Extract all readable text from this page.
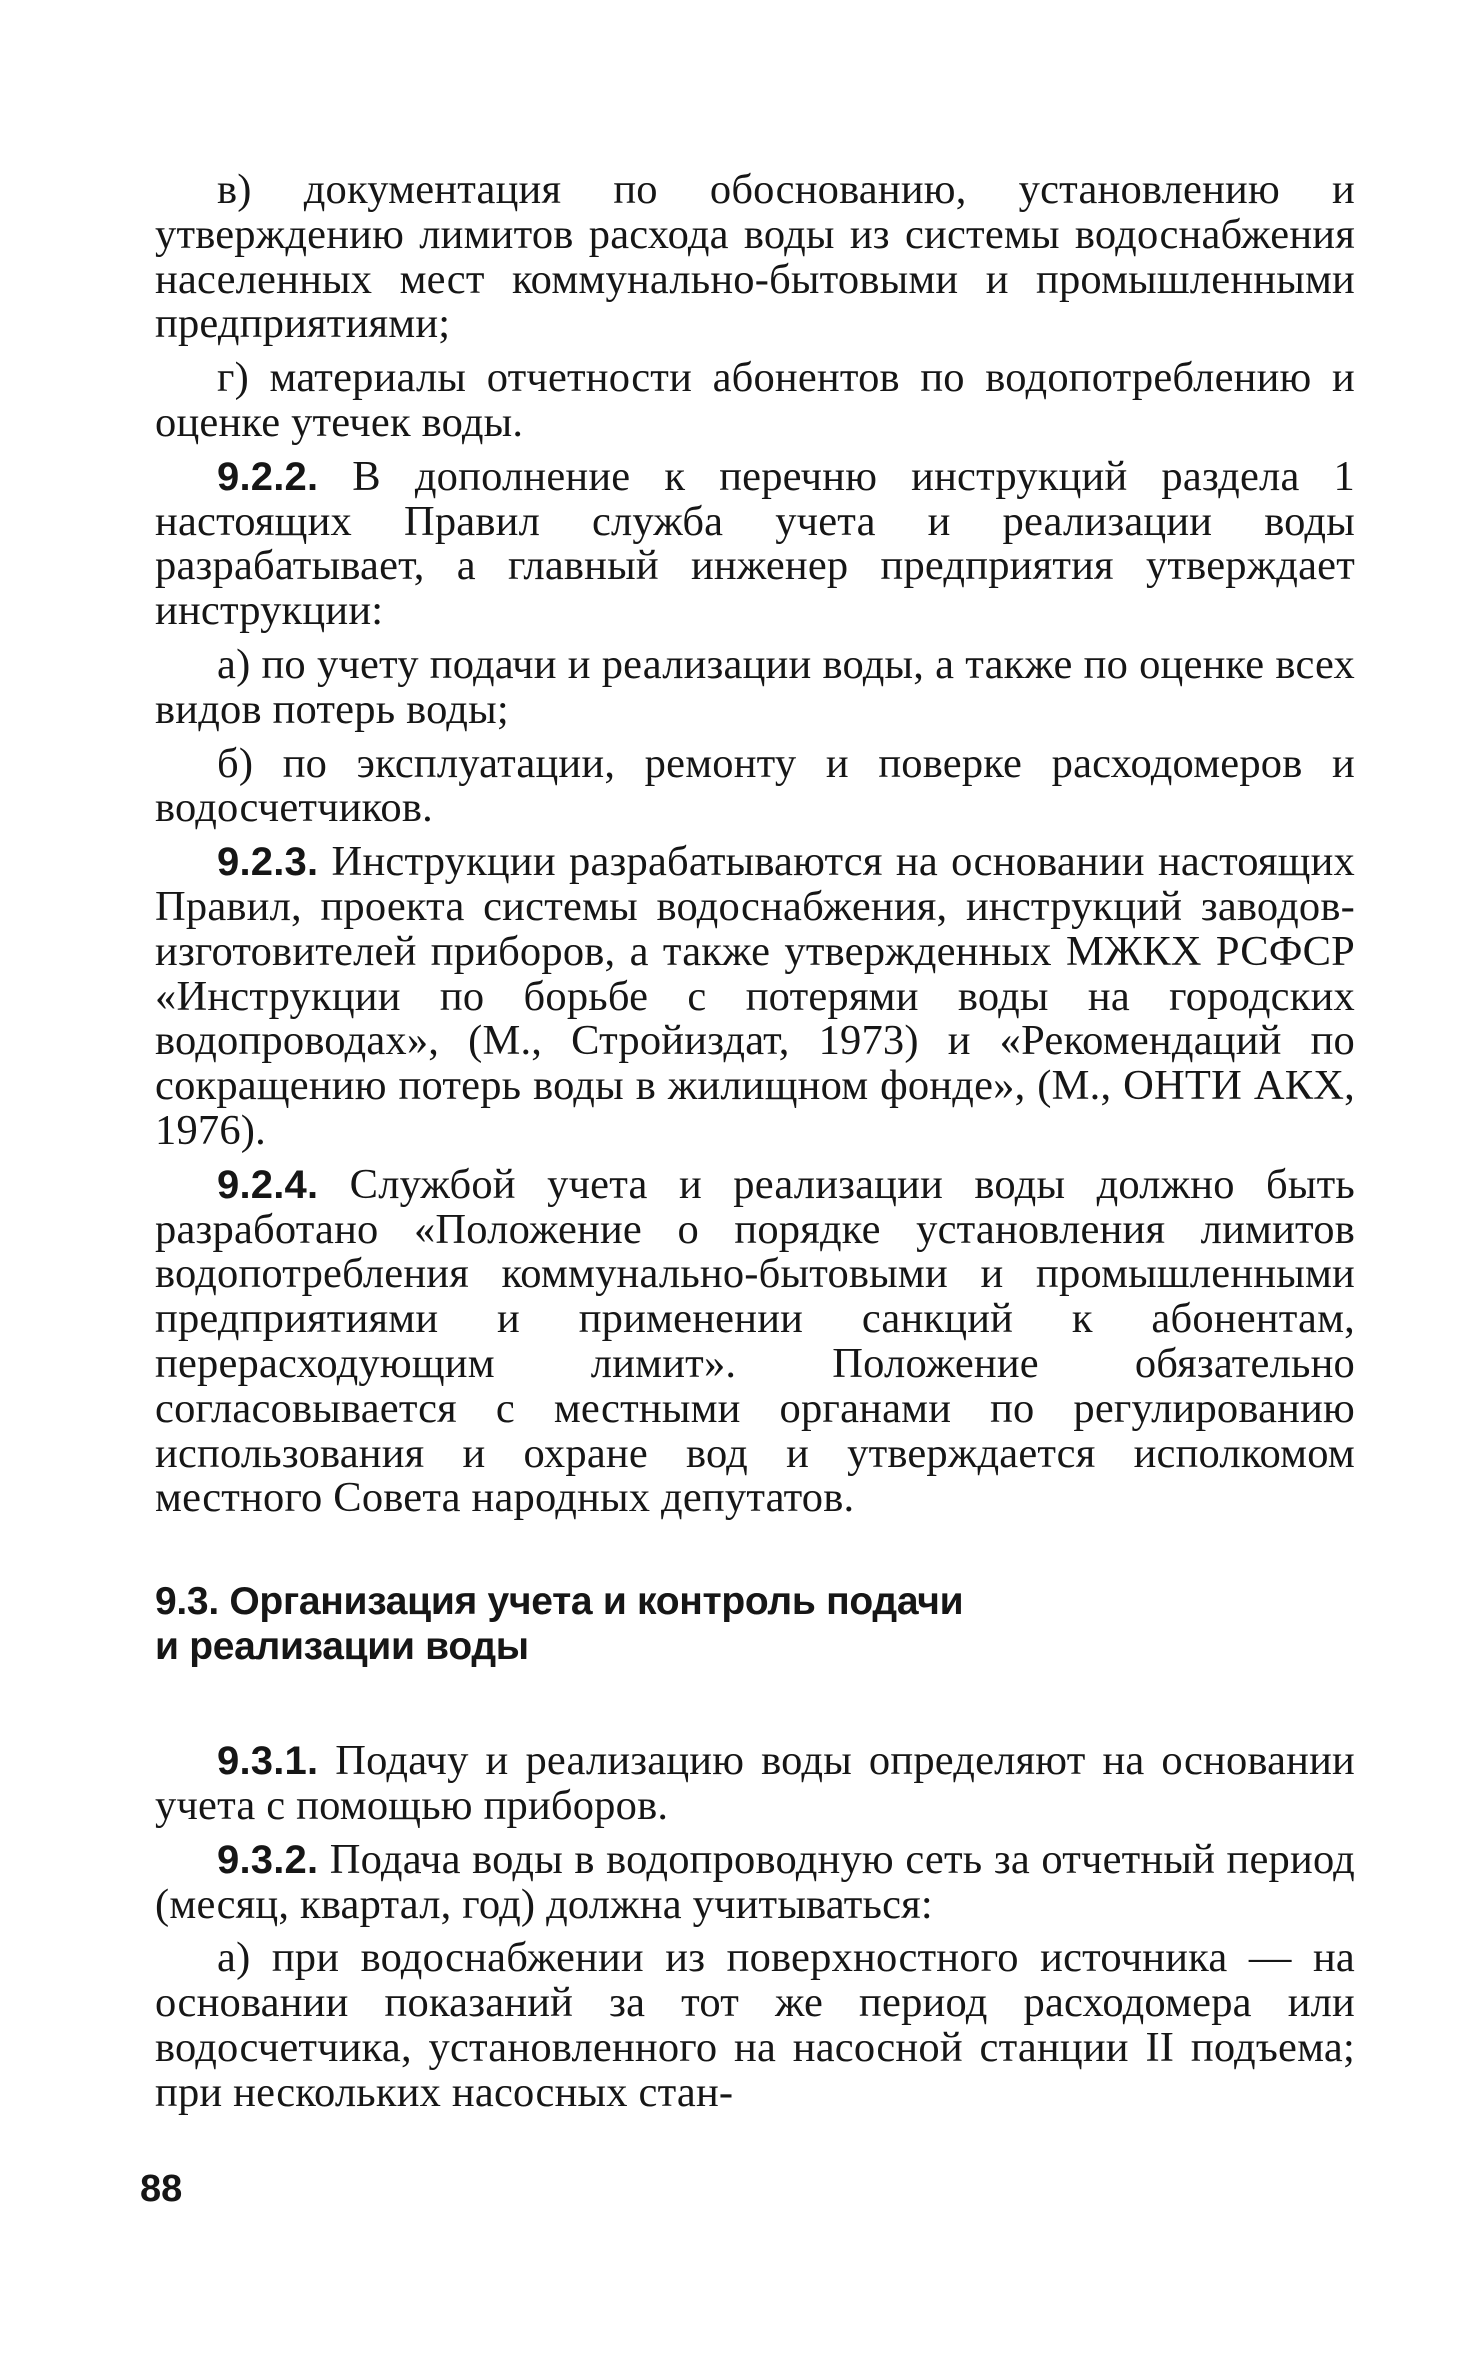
в) документация по обоснованию, установлению и утверждению лимитов расхода воды из системы водоснабжения населенных мест коммунально-бытовыми и промышленными предприятиями;

г) материалы отчетности абонентов по водопотреблению и оценке утечек воды.

9.2.2. В дополнение к перечню инструкций раздела 1 настоящих Правил служба учета и реализации воды разрабатывает, а главный инженер предприятия утверждает инструкции:

а) по учету подачи и реализации воды, а также по оценке всех видов потерь воды;

б) по эксплуатации, ремонту и поверке расходомеров и водосчетчиков.

9.2.3. Инструкции разрабатываются на основании настоящих Правил, проекта системы водоснабжения, инструкций заводов-изготовителей приборов, а также утвержденных МЖКХ РСФСР «Инструкции по борьбе с потерями воды на городских водопроводах», (М., Стройиздат, 1973) и «Рекомендаций по сокращению потерь воды в жилищном фонде», (М., ОНТИ АКХ, 1976).

9.2.4. Службой учета и реализации воды должно быть разработано «Положение о порядке установления лимитов водопотребления коммунально-бытовыми и промышленными предприятиями и применении санкций к абонентам, перерасходующим лимит». Положение обязательно согласовывается с местными органами по регулированию использования и охране вод и утверждается исполкомом местного Совета народных депутатов.

9.3. Организация учета и контроль подачи
и реализации воды

9.3.1. Подачу и реализацию воды определяют на основании учета с помощью приборов.

9.3.2. Подача воды в водопроводную сеть за отчетный период (месяц, квартал, год) должна учитываться:

а) при водоснабжении из поверхностного источника — на основании показаний за тот же период расходомера или водосчетчика, установленного на насосной станции II подъема; при нескольких насосных стан-

88
